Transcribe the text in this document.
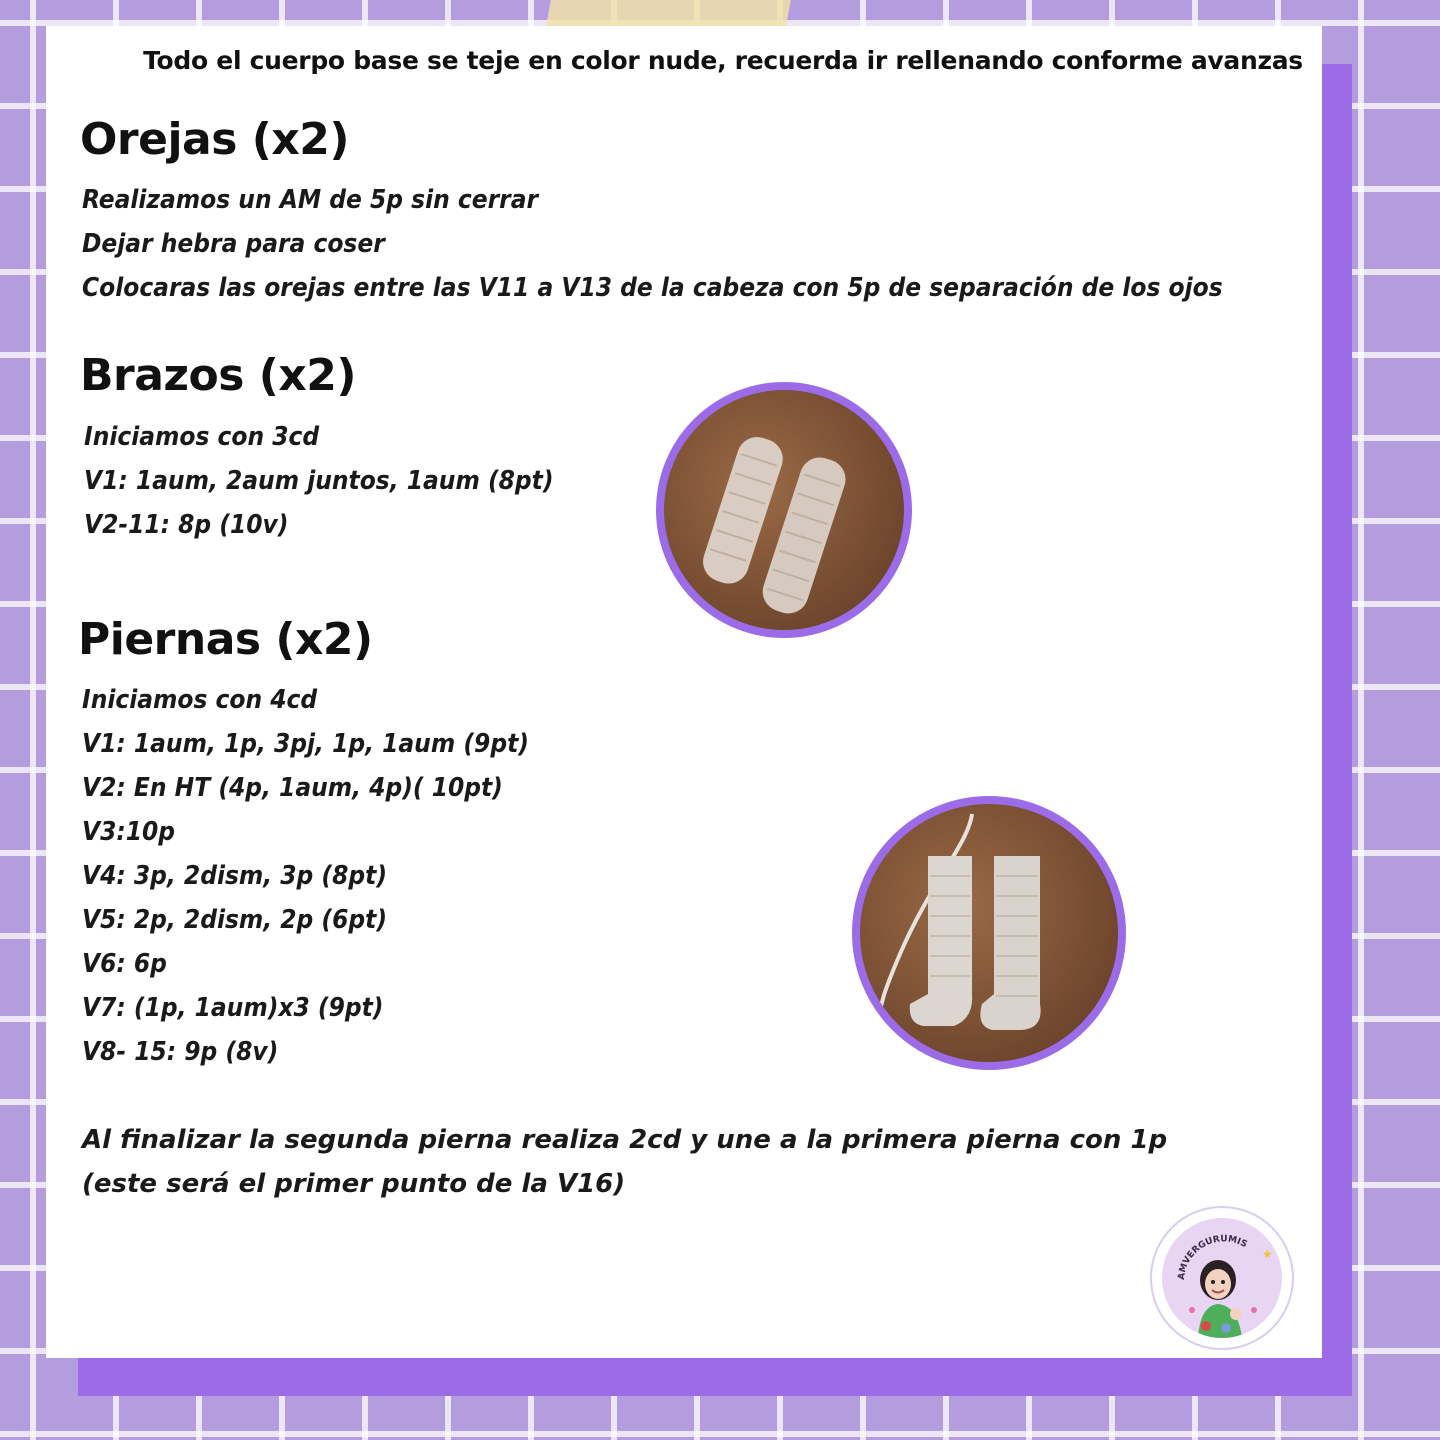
Todo el cuerpo base se teje en color nude, recuerda ir rellenando conforme avanzas
Orejas (x2)
Realizamos un AM de 5p sin cerrar
Dejar hebra para coser
Colocaras las orejas entre las V11 a V13 de la cabeza con 5p de separación de los ojos
Brazos (x2)
Iniciamos con 3cd
V1: 1aum, 2aum juntos, 1aum (8pt)
V2-11: 8p (10v)
Piernas (x2)
Iniciamos con 4cd
V1: 1aum, 1p, 3pj, 1p, 1aum (9pt)
V2: En HT (4p, 1aum, 4p)( 10pt)
V3:10p
V4: 3p, 2dism, 3p (8pt)
V5: 2p, 2dism, 2p (6pt)
V6: 6p
V7: (1p, 1aum)x3 (9pt)
V8- 15: 9p (8v)

Al finalizar la segunda pierna realiza 2cd y une a la primera pierna con 1p (este será el primer punto de la V16)

AMVERGURUMIS
★
